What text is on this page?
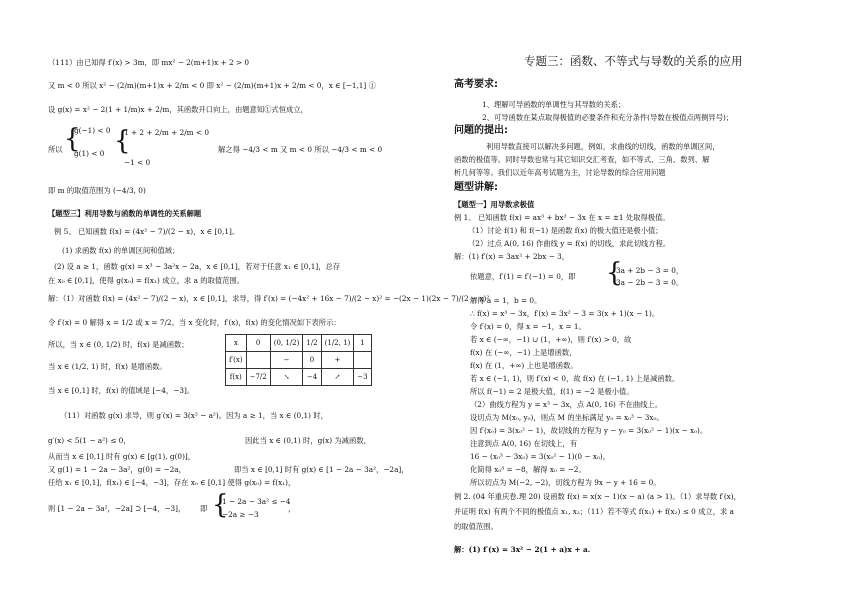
（111）由已知得 f′(x) > 3m，即 mx² − 2(m+1)x + 2 > 0
又 m < 0 所以 x² − (2/m)(m+1)x + 2/m < 0 即 x² − (2/m)(m+1)x + 2/m < 0，x ∈ [−1,1] ①
设 g(x) = x² − 2(1 + 1/m)x + 2/m，其函数开口向上，由题意知①式恒成立，
所以 {
g(−1) < 0 1 + 2 + 2/m + 2/m < 0
解之得 −4/3 < m 又 m < 0 所以 −4/3 < m < 0
g(1) < 0
−1 < 0
{
即 m 的取值范围为 (−4/3, 0)
【题型三】利用导数与函数的单调性的关系解题
例 5、 已知函数 f(x) = (4x² − 7)/(2 − x)，x ∈ [0,1]。
(1) 求函数 f(x) 的单调区间和值域；
(2) 设 a ≥ 1，函数 g(x) = x³ − 3a²x − 2a，x ∈ [0,1]，若对于任意 x₁ ∈ [0,1]，总存
在 x₀ ∈ [0,1]，使得 g(x₀) = f(x₁) 成立，求 a 的取值范围。
解：（1）对函数 f(x) = (4x² − 7)/(2 − x)，x ∈ [0,1]，求导，得 f′(x) = (−4x² + 16x − 7)/(2 − x)² = −(2x − 1)(2x − 7)/(2 − x)²
令 f′(x) = 0 解得 x = 1/2 或 x = 7/2。当 x 变化时，f′(x)，f(x) 的变化情况如下表所示：
所以，当 x ∈ (0, 1/2) 时，f(x) 是减函数；
当 x ∈ (1/2, 1) 时，f(x) 是增函数。
当 x ∈ [0,1] 时，f(x) 的值域是 [−4，−3]。
（11）对函数 g(x) 求导，则 g′(x) = 3(x² − a²)。因为 a ≥ 1，当 x ∈ (0,1) 时，
g′(x) < 5(1 − a²) ≤ 0，	因此当 x ∈ (0,1) 时，g(x) 为减函数，
从而当 x ∈ [0,1] 时有 g(x) ∈ [g(1), g(0)]，
又 g(1) = 1 − 2a − 3a²，g(0) = −2a，	即当 x ∈ [0,1] 时有 g(x) ∈ [1 − 2a − 3a²，−2a]，
任给 x₁ ∈ [0,1]，f(x₁) ∈ [−4，−3]，存在 x₀ ∈ [0,1] 使得 g(x₀) = f(x₁)，
则 [1 − 2a − 3a²，−2a] ⊃ [−4，−3]， 即 {
1 − 2a − 3a² ≤ −4
−2a ≥ −3
，
x	0	(0, 1/2)	1/2	(1/2, 1)	1
f′(x)		−	0	+	
f(x)	−7/2	↘	−4	↗	−3
专题三：函数、不等式与导数的关系的应用
高考要求:
1、理解可导函数的单调性与其导数的关系；
2、可导函数在某点取得极值的必要条件和充分条件(导数在极值点两侧异号)；
问题的提出:
利用导数直接可以解决多问题，例如，求曲线的切线，函数的单调区间，
函数的极值等。同时导数也常与其它知识交汇考查，如不等式、三角、数列、解
析几何等等。我们以近年高考试题为主，讨论导数的综合应用问题
题型讲解:
【题型一】用导数求极值
例 1、 已知函数 f(x) = ax³ + bx² − 3x 在 x = ±1 处取得极值。
（1）讨论 f(1) 和 f(−1) 是函数 f(x) 的极大值还是极小值；
（2）过点 A(0, 16) 作曲线 y = f(x) 的切线，求此切线方程。
解：(1) f′(x) = 3ax² + 2bx − 3，
依题意，f′(1) = f′(−1) = 0，即 {
3a + 2b − 3 = 0，
3a − 2b − 3 = 0。
解得 a = 1，b = 0。
∴ f(x) = x³ − 3x，f′(x) = 3x² − 3 = 3(x + 1)(x − 1)。
令 f′(x) = 0，得 x = −1，x = 1。
若 x ∈ (−∞，−1) ∪ (1，+∞)，则 f′(x) > 0，故
f(x) 在 (−∞，−1) 上是增函数，
f(x) 在 (1，+∞) 上也是增函数。
若 x ∈ (−1, 1)，则 f′(x) < 0，故 f(x) 在 (−1, 1) 上是减函数。
所以 f(−1) = 2 是极大值，f(1) = −2 是极小值。
（2）曲线方程为 y = x³ − 3x，点 A(0, 16) 不在曲线上。
设切点为 M(x₀, y₀)，则点 M 的坐标满足 y₀ = x₀³ − 3x₀。
因 f′(x₀) = 3(x₀² − 1)，故切线的方程为 y − y₀ = 3(x₀² − 1)(x − x₀)。
注意到点 A(0, 16) 在切线上，有
16 − (x₀³ − 3x₀) = 3(x₀² − 1)(0 − x₀)，
化简得 x₀³ = −8，解得 x₀ = −2。
所以切点为 M(−2, −2)，切线方程为 9x − y + 16 = 0。
例 2. (04 年重庆卷.理 20) 设函数 f(x) = x(x − 1)(x − a) (a > 1)。（1）求导数 f′(x)，
并证明 f(x) 有两个不同的极值点 x₁, x₂；（11）若不等式 f(x₁) + f(x₂) ≤ 0 成立，求 a
的取值范围。
解：(1) f′(x) = 3x² − 2(1 + a)x + a.
